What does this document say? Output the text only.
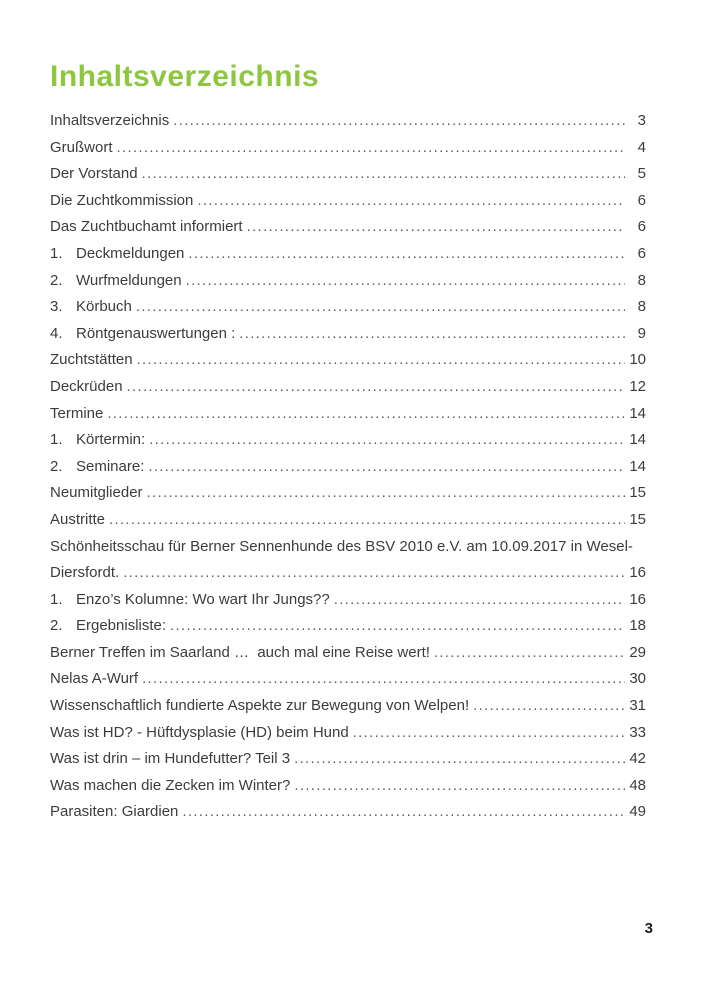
Inhaltsverzeichnis
Inhaltsverzeichnis .....	3
Grußwort .....	4
Der Vorstand .....	5
Die Zuchtkommission .....	6
Das Zuchtbuchamt informiert .....	6
1. Deckmeldungen .....	6
2. Wurfmeldungen .....	8
3. Körbuch .....	8
4. Röntgenauswertungen : .....	9
Zuchtstätten .....	10
Deckrüden .....	12
Termine .....	14
1. Körtermin: .....	14
2. Seminare: .....	14
Neumitglieder .....	15
Austritte .....	15
Schönheitsschau für Berner Sennenhunde des BSV 2010 e.V. am 10.09.2017 in Wesel-
Diersfordt. .....	16
1. Enzo’s Kolumne: Wo wart Ihr Jungs?? .....	16
2. Ergebnisliste: .....	18
Berner Treffen im Saarland …  auch mal eine Reise wert! .....	29
Nelas A-Wurf .....	30
Wissenschaftlich fundierte Aspekte zur Bewegung von Welpen! .....	31
Was ist HD? - Hüftdysplasie (HD) beim Hund .....	33
Was ist drin – im Hundefutter? Teil 3 .....	42
Was machen die Zecken im Winter? .....	48
Parasiten: Giardien .....	49
3
